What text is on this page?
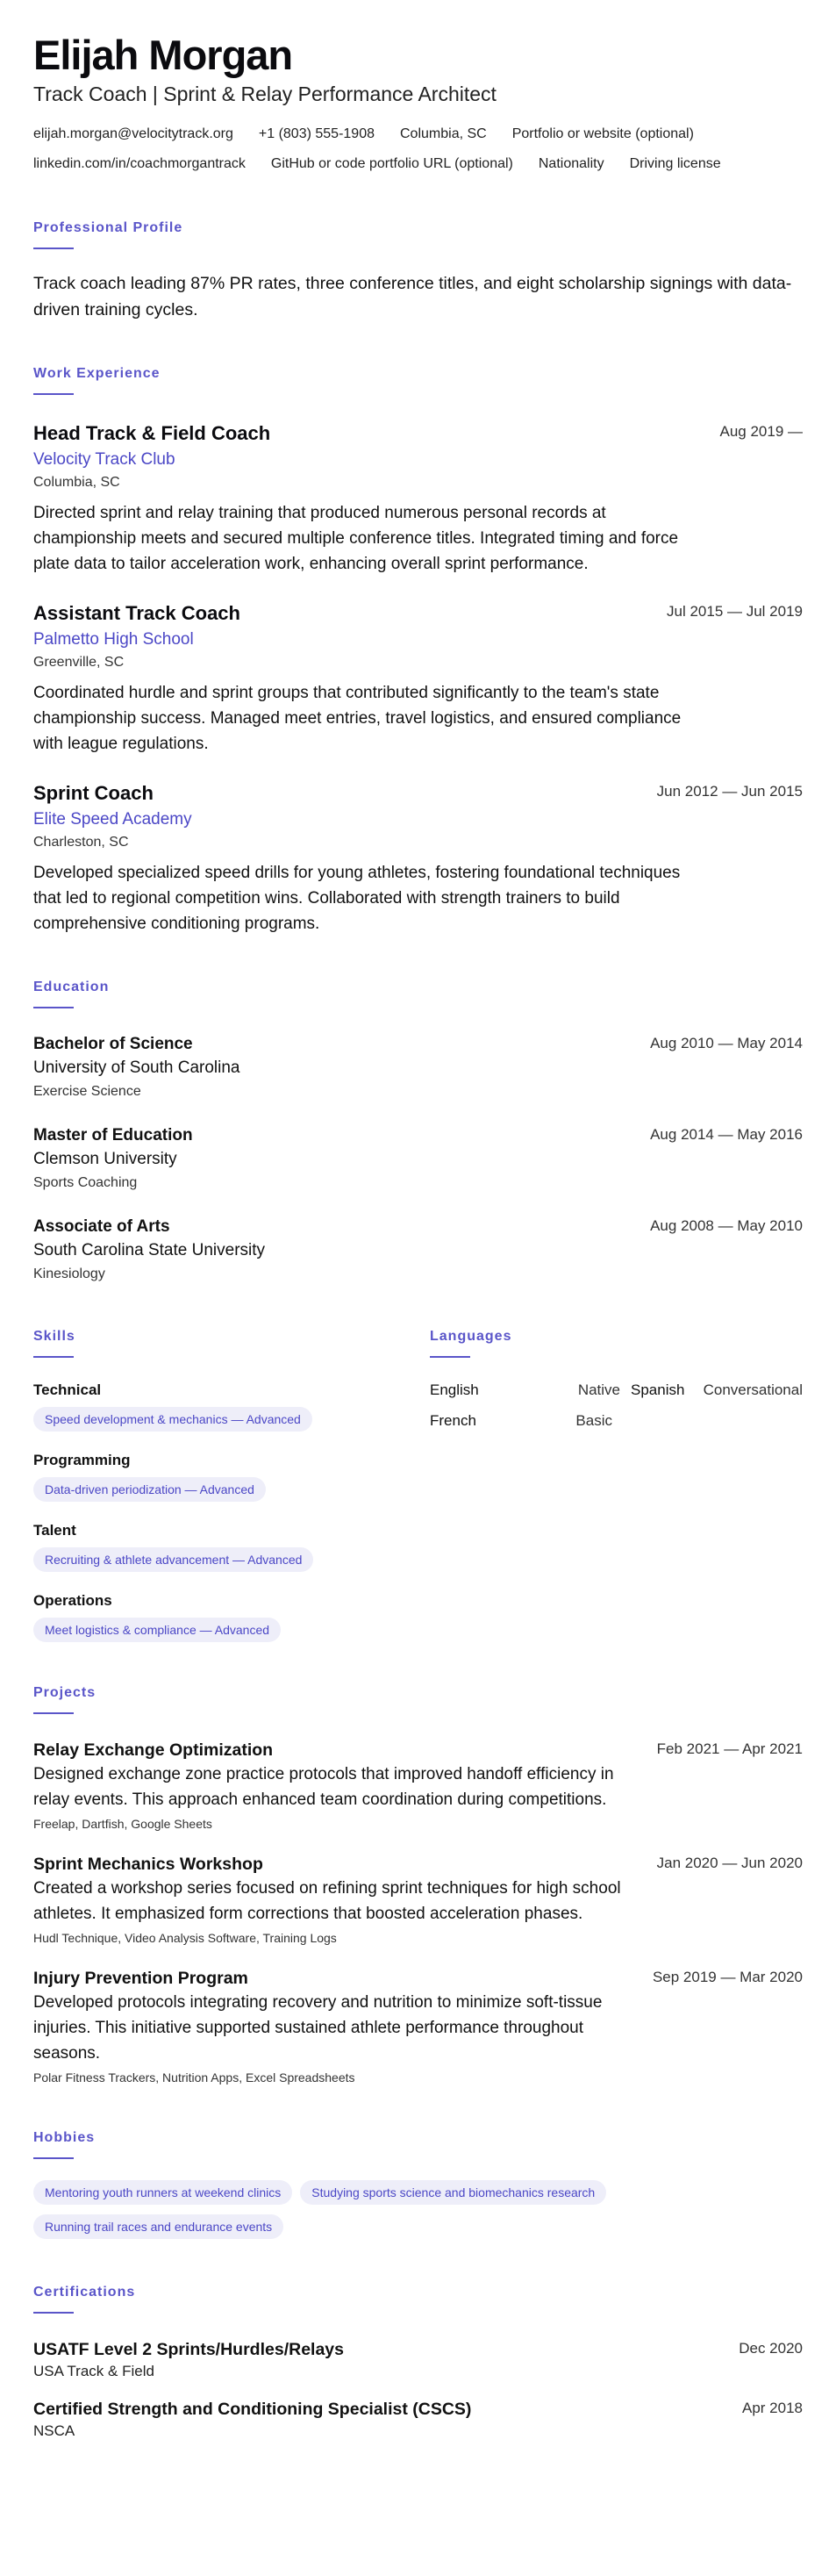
Elijah Morgan
Track Coach | Sprint & Relay Performance Architect
elijah.morgan@velocitytrack.org +1 (803) 555-1908 Columbia, SC Portfolio or website (optional)
linkedin.com/in/coachmorgantrack GitHub or code portfolio URL (optional) Nationality Driving license
Professional Profile
Track coach leading 87% PR rates, three conference titles, and eight scholarship signings with data-driven training cycles.
Work Experience
Head Track & Field Coach
Velocity Track Club
Columbia, SC
Directed sprint and relay training that produced numerous personal records at championship meets and secured multiple conference titles. Integrated timing and force plate data to tailor acceleration work, enhancing overall sprint performance.
Aug 2019 —
Assistant Track Coach
Palmetto High School
Greenville, SC
Coordinated hurdle and sprint groups that contributed significantly to the team's state championship success. Managed meet entries, travel logistics, and ensured compliance with league regulations.
Jul 2015 — Jul 2019
Sprint Coach
Elite Speed Academy
Charleston, SC
Developed specialized speed drills for young athletes, fostering foundational techniques that led to regional competition wins. Collaborated with strength trainers to build comprehensive conditioning programs.
Jun 2012 — Jun 2015
Education
Bachelor of Science
University of South Carolina
Exercise Science
Aug 2010 — May 2014
Master of Education
Clemson University
Sports Coaching
Aug 2014 — May 2016
Associate of Arts
South Carolina State University
Kinesiology
Aug 2008 — May 2010
Skills
Technical
Speed development & mechanics — Advanced
Programming
Data-driven periodization — Advanced
Talent
Recruiting & athlete advancement — Advanced
Operations
Meet logistics & compliance — Advanced
Languages
English	Native Spanish Conversational
French	Basic
Projects
Relay Exchange Optimization
Designed exchange zone practice protocols that improved handoff efficiency in relay events. This approach enhanced team coordination during competitions.
Freelap, Dartfish, Google Sheets
Feb 2021 — Apr 2021
Sprint Mechanics Workshop
Created a workshop series focused on refining sprint techniques for high school athletes. It emphasized form corrections that boosted acceleration phases.
Hudl Technique, Video Analysis Software, Training Logs
Jan 2020 — Jun 2020
Injury Prevention Program
Developed protocols integrating recovery and nutrition to minimize soft-tissue injuries. This initiative supported sustained athlete performance throughout seasons.
Polar Fitness Trackers, Nutrition Apps, Excel Spreadsheets
Sep 2019 — Mar 2020
Hobbies
Mentoring youth runners at weekend clinics	Studying sports science and biomechanics research
Running trail races and endurance events
Certifications
USATF Level 2 Sprints/Hurdles/Relays
USA Track & Field
Dec 2020
Certified Strength and Conditioning Specialist (CSCS)
NSCA
Apr 2018
